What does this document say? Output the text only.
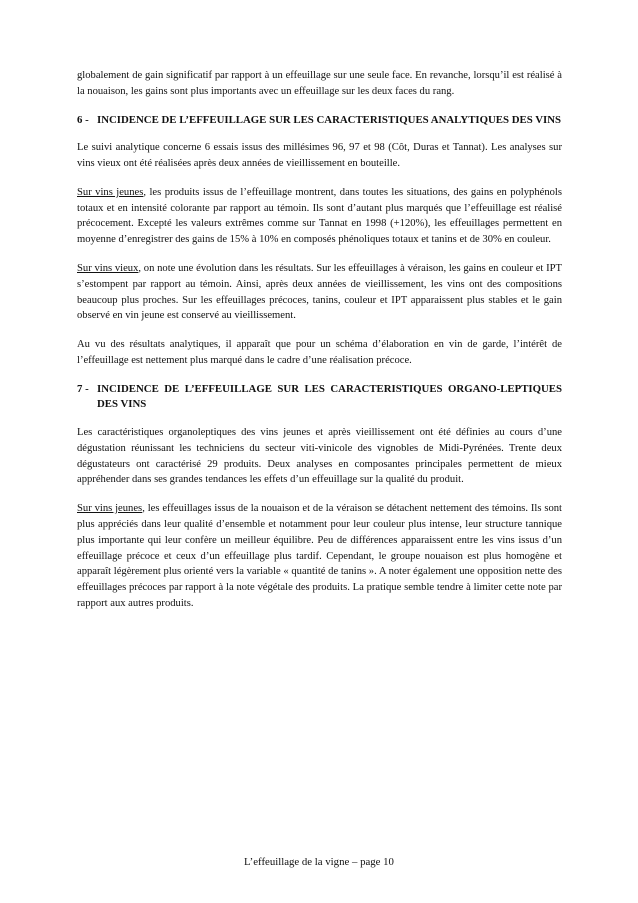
globalement de gain significatif par rapport à un effeuillage sur une seule face. En revanche, lorsqu’il est réalisé à la nouaison, les gains sont plus importants avec un effeuillage sur les deux faces du rang.

6 - INCIDENCE DE L’EFFEUILLAGE SUR LES CARACTERISTIQUES ANALYTIQUES DES VINS

Le suivi analytique concerne 6 essais issus des millésimes 96, 97 et 98 (Côt, Duras et Tannat). Les analyses sur vins vieux ont été réalisées après deux années de vieillissement en bouteille.

Sur vins jeunes, les produits issus de l’effeuillage montrent, dans toutes les situations, des gains en polyphénols totaux et en intensité colorante par rapport au témoin. Ils sont d’autant plus marqués que l’effeuillage est réalisé précocement. Excepté les valeurs extrêmes comme sur Tannat en 1998 (+120%), les effeuillages permettent en moyenne d’enregistrer des gains de 15% à 10% en composés phénoliques totaux et tanins et de 30% en couleur.

Sur vins vieux, on note une évolution dans les résultats. Sur les effeuillages à véraison, les gains en couleur et IPT s’estompent par rapport au témoin. Ainsi, après deux années de vieillissement, les vins ont des compositions beaucoup plus proches. Sur les effeuillages précoces, tanins, couleur et IPT apparaissent plus stables et le gain observé en vin jeune est conservé au vieillissement.

Au vu des résultats analytiques, il apparaît que pour un schéma d’élaboration en vin de garde, l’intérêt de l’effeuillage est nettement plus marqué dans le cadre d’une réalisation précoce.

7 - INCIDENCE DE L’EFFEUILLAGE SUR LES CARACTERISTIQUES ORGANO-LEPTIQUES DES VINS

Les caractéristiques organoleptiques des vins jeunes et après vieillissement ont été définies au cours d’une dégustation réunissant les techniciens du secteur viti-vinicole des vignobles de Midi-Pyrénées. Trente deux dégustateurs ont caractérisé 29 produits. Deux analyses en composantes principales permettent de mieux appréhender dans ses grandes tendances les effets d’un effeuillage sur la qualité du produit.

Sur vins jeunes, les effeuillages issus de la nouaison et de la véraison se détachent nettement des témoins. Ils sont plus appréciés dans leur qualité d’ensemble et notamment pour leur couleur plus intense, leur structure tannique plus importante qui leur confère un meilleur équilibre. Peu de différences apparaissent entre les vins issus d’un effeuillage précoce et ceux d’un effeuillage plus tardif. Cependant, le groupe nouaison est plus homogène et apparaît légèrement plus orienté vers la variable « quantité de tanins ». A noter également une opposition nette des effeuillages précoces par rapport à la note végétale des produits. La pratique semble tendre à limiter cette note par rapport aux autres produits.

L’effeuillage de la vigne – page 10
